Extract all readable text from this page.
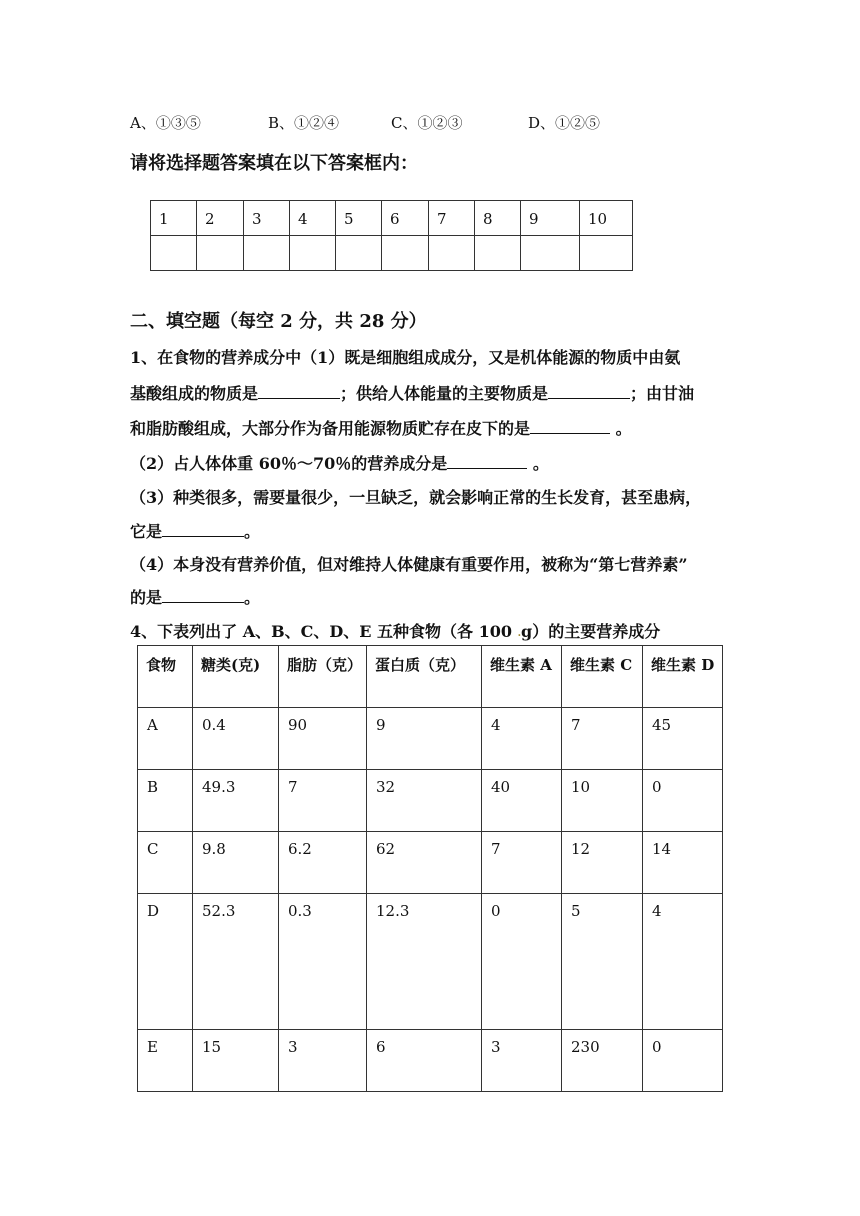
A、①③⑤	B、①②④	C、①②③	D、①②⑤
请将选择题答案填在以下答案框内：
1	2	3	4	5	6	7	8	9	10

二、填空题（每空 2 分，共 28 分）
1、在食物的营养成分中（1）既是细胞组成成分，又是机体能源的物质中由氨
基酸组成的物质是	；供给人体能量的主要物质是	；由甘油
和脂肪酸组成，大部分作为备用能源物质贮存在皮下的是	。
（2）占人体体重 60％～70％的营养成分是	。
（3）种类很多，需要量很少，一旦缺乏，就会影响正常的生长发育，甚至患病，
它是	。
（4）本身没有营养价值，但对维持人体健康有重要作用，被称为“第七营养素”
的是	。
4、下表列出了 A、B、C、D、E 五种食物（各 100 .g）的主要营养成分
食物	糖类(克)	脂肪（克）	蛋白质（克）	维生素 A	维生素 C	维生素 D
A	0.4	90	9	4	7	45
B	49.3	7	32	40	10	0
C	9.8	6.2	62	7	12	14
D	52.3	0.3	12.3	0	5	4
E	15	3	6	3	230	0
